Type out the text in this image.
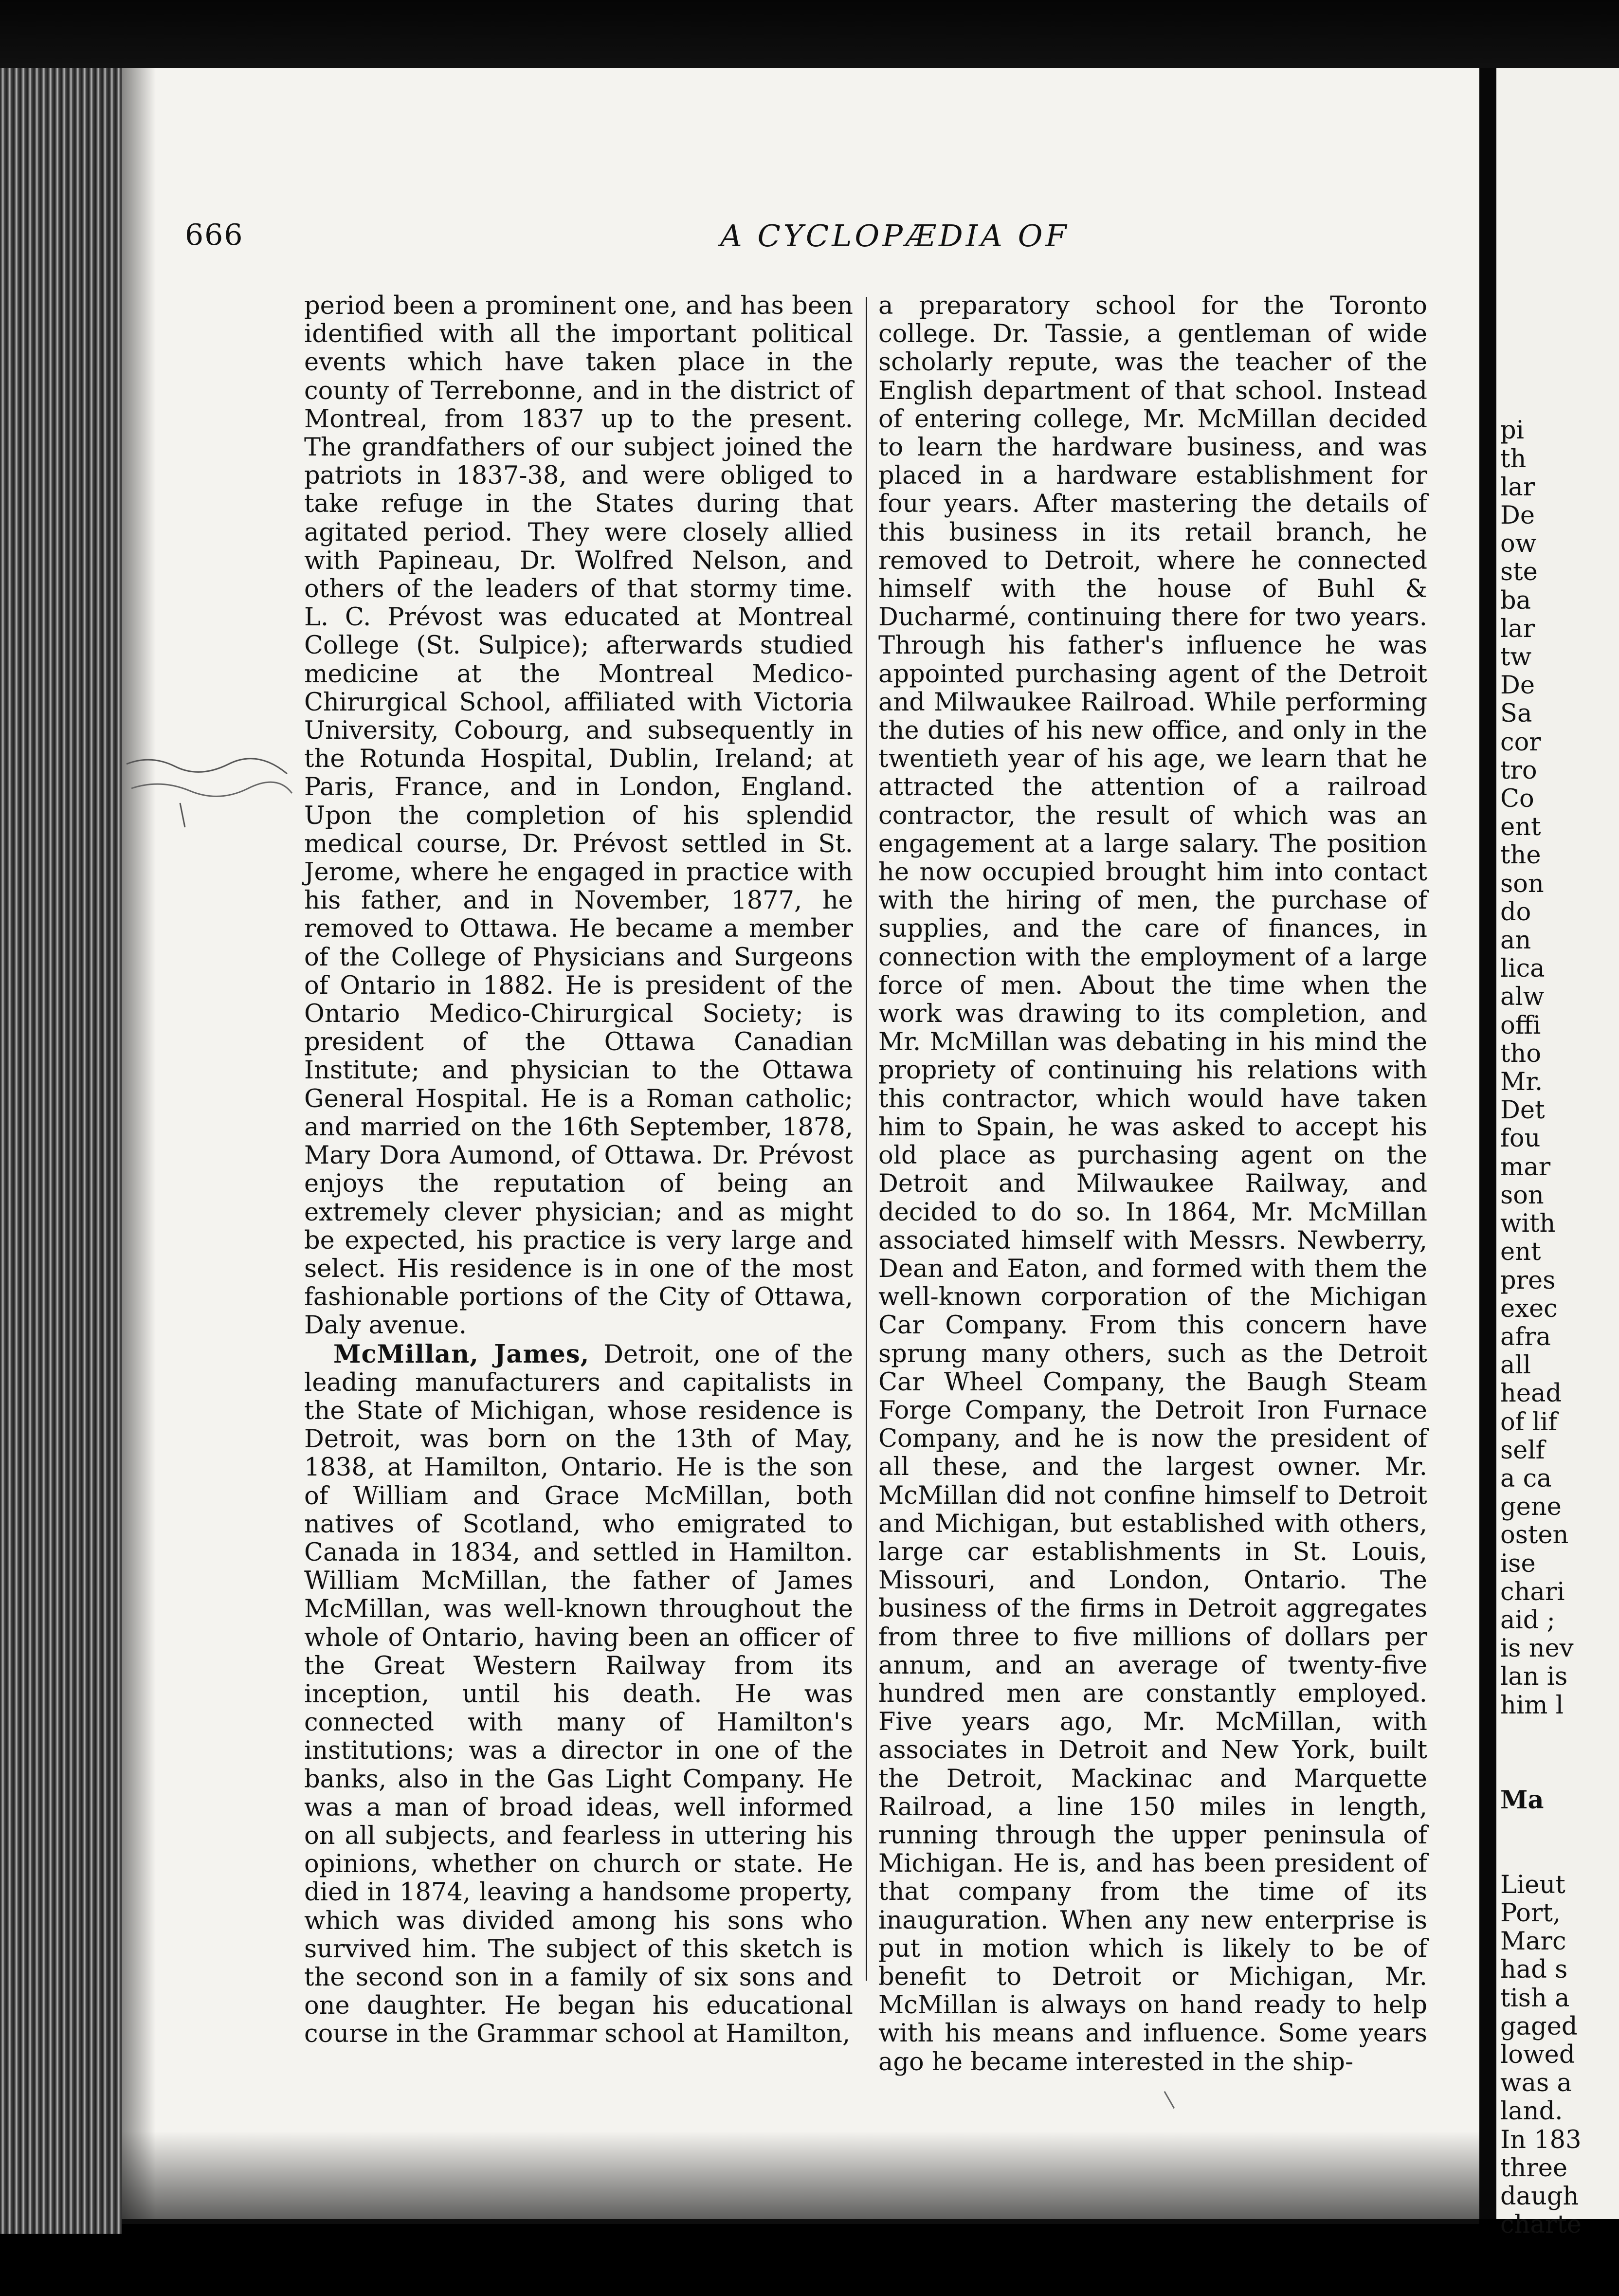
666	A CYCLOPÆDIA OF
period been a prominent one, and has been identified with all the important political events which have taken place in the county of Terrebonne, and in the district of Montreal, from 1837 up to the present. The grandfathers of our subject joined the patriots in 1837-38, and were obliged to take refuge in the States during that agitated period. They were closely allied with Papineau, Dr. Wolfred Nelson, and others of the leaders of that stormy time. L. C. Prévost was educated at Montreal College (St. Sulpice); afterwards studied medicine at the Montreal Medico-Chirurgical School, affiliated with Victoria University, Cobourg, and subsequently in the Rotunda Hospital, Dublin, Ireland; at Paris, France, and in London, England. Upon the completion of his splendid medical course, Dr. Prévost settled in St. Jerome, where he engaged in practice with his father, and in November, 1877, he removed to Ottawa. He became a member of the College of Physicians and Surgeons of Ontario in 1882. He is president of the Ontario Medico-Chirurgical Society; is president of the Ottawa Canadian Institute; and physician to the Ottawa General Hospital. He is a Roman catholic; and married on the 16th September, 1878, Mary Dora Aumond, of Ottawa. Dr. Prévost enjoys the reputation of being an extremely clever physician; and as might be expected, his practice is very large and select. His residence is in one of the most fashionable portions of the City of Ottawa, Daly avenue.
McMillan, James, Detroit, one of the leading manufacturers and capitalists in the State of Michigan, whose residence is Detroit, was born on the 13th of May, 1838, at Hamilton, Ontario. He is the son of William and Grace McMillan, both natives of Scotland, who emigrated to Canada in 1834, and settled in Hamilton. William McMillan, the father of James McMillan, was well-known throughout the whole of Ontario, having been an officer of the Great Western Railway from its inception, until his death. He was connected with many of Hamilton's institutions; was a director in one of the banks, also in the Gas Light Company. He was a man of broad ideas, well informed on all subjects, and fearless in uttering his opinions, whether on church or state. He died in 1874, leaving a handsome property, which was divided among his sons who survived him. The subject of this sketch is the second son in a family of six sons and one daughter. He began his educational course in the Grammar school at Hamilton,
a preparatory school for the Toronto college. Dr. Tassie, a gentleman of wide scholarly repute, was the teacher of the English department of that school. Instead of entering college, Mr. McMillan decided to learn the hardware business, and was placed in a hardware establishment for four years. After mastering the details of this business in its retail branch, he removed to Detroit, where he connected himself with the house of Buhl & Ducharmé, continuing there for two years. Through his father's influence he was appointed purchasing agent of the Detroit and Milwaukee Railroad. While performing the duties of his new office, and only in the twentieth year of his age, we learn that he attracted the attention of a railroad contractor, the result of which was an engagement at a large salary. The position he now occupied brought him into contact with the hiring of men, the purchase of supplies, and the care of finances, in connection with the employment of a large force of men. About the time when the work was drawing to its completion, and Mr. McMillan was debating in his mind the propriety of continuing his relations with this contractor, which would have taken him to Spain, he was asked to accept his old place as purchasing agent on the Detroit and Milwaukee Railway, and decided to do so. In 1864, Mr. McMillan associated himself with Messrs. Newberry, Dean and Eaton, and formed with them the well-known corporation of the Michigan Car Company. From this concern have sprung many others, such as the Detroit Car Wheel Company, the Baugh Steam Forge Company, the Detroit Iron Furnace Company, and he is now the president of all these, and the largest owner. Mr. McMillan did not confine himself to Detroit and Michigan, but established with others, large car establishments in St. Louis, Missouri, and London, Ontario. The business of the firms in Detroit aggregates from three to five millions of dollars per annum, and an average of twenty-five hundred men are constantly employed. Five years ago, Mr. McMillan, with associates in Detroit and New York, built the Detroit, Mackinac and Marquette Railroad, a line 150 miles in length, running through the upper peninsula of Michigan. He is, and has been president of that company from the time of its inauguration. When any new enterprise is put in motion which is likely to be of benefit to Detroit or Michigan, Mr. McMillan is always on hand ready to help with his means and influence. Some years ago he became interested in the ship-

pi
th
lar
De
ow
ste
ba
lar
tw
De
Sa
cor
tro
Co
ent
the
son
do
an
lica
alw
offi
tho
Mr.
Det
fou
mar
son
with
ent
pres
exec
afra
all
head
of lif
self
a ca
gene
osten
ise
chari
aid ;
is nev
lan is
him l

Ma

Lieut
Port,
Marc
had s
tish a
gaged
lowed
was a
land.
In 183
three
daugh
charte
